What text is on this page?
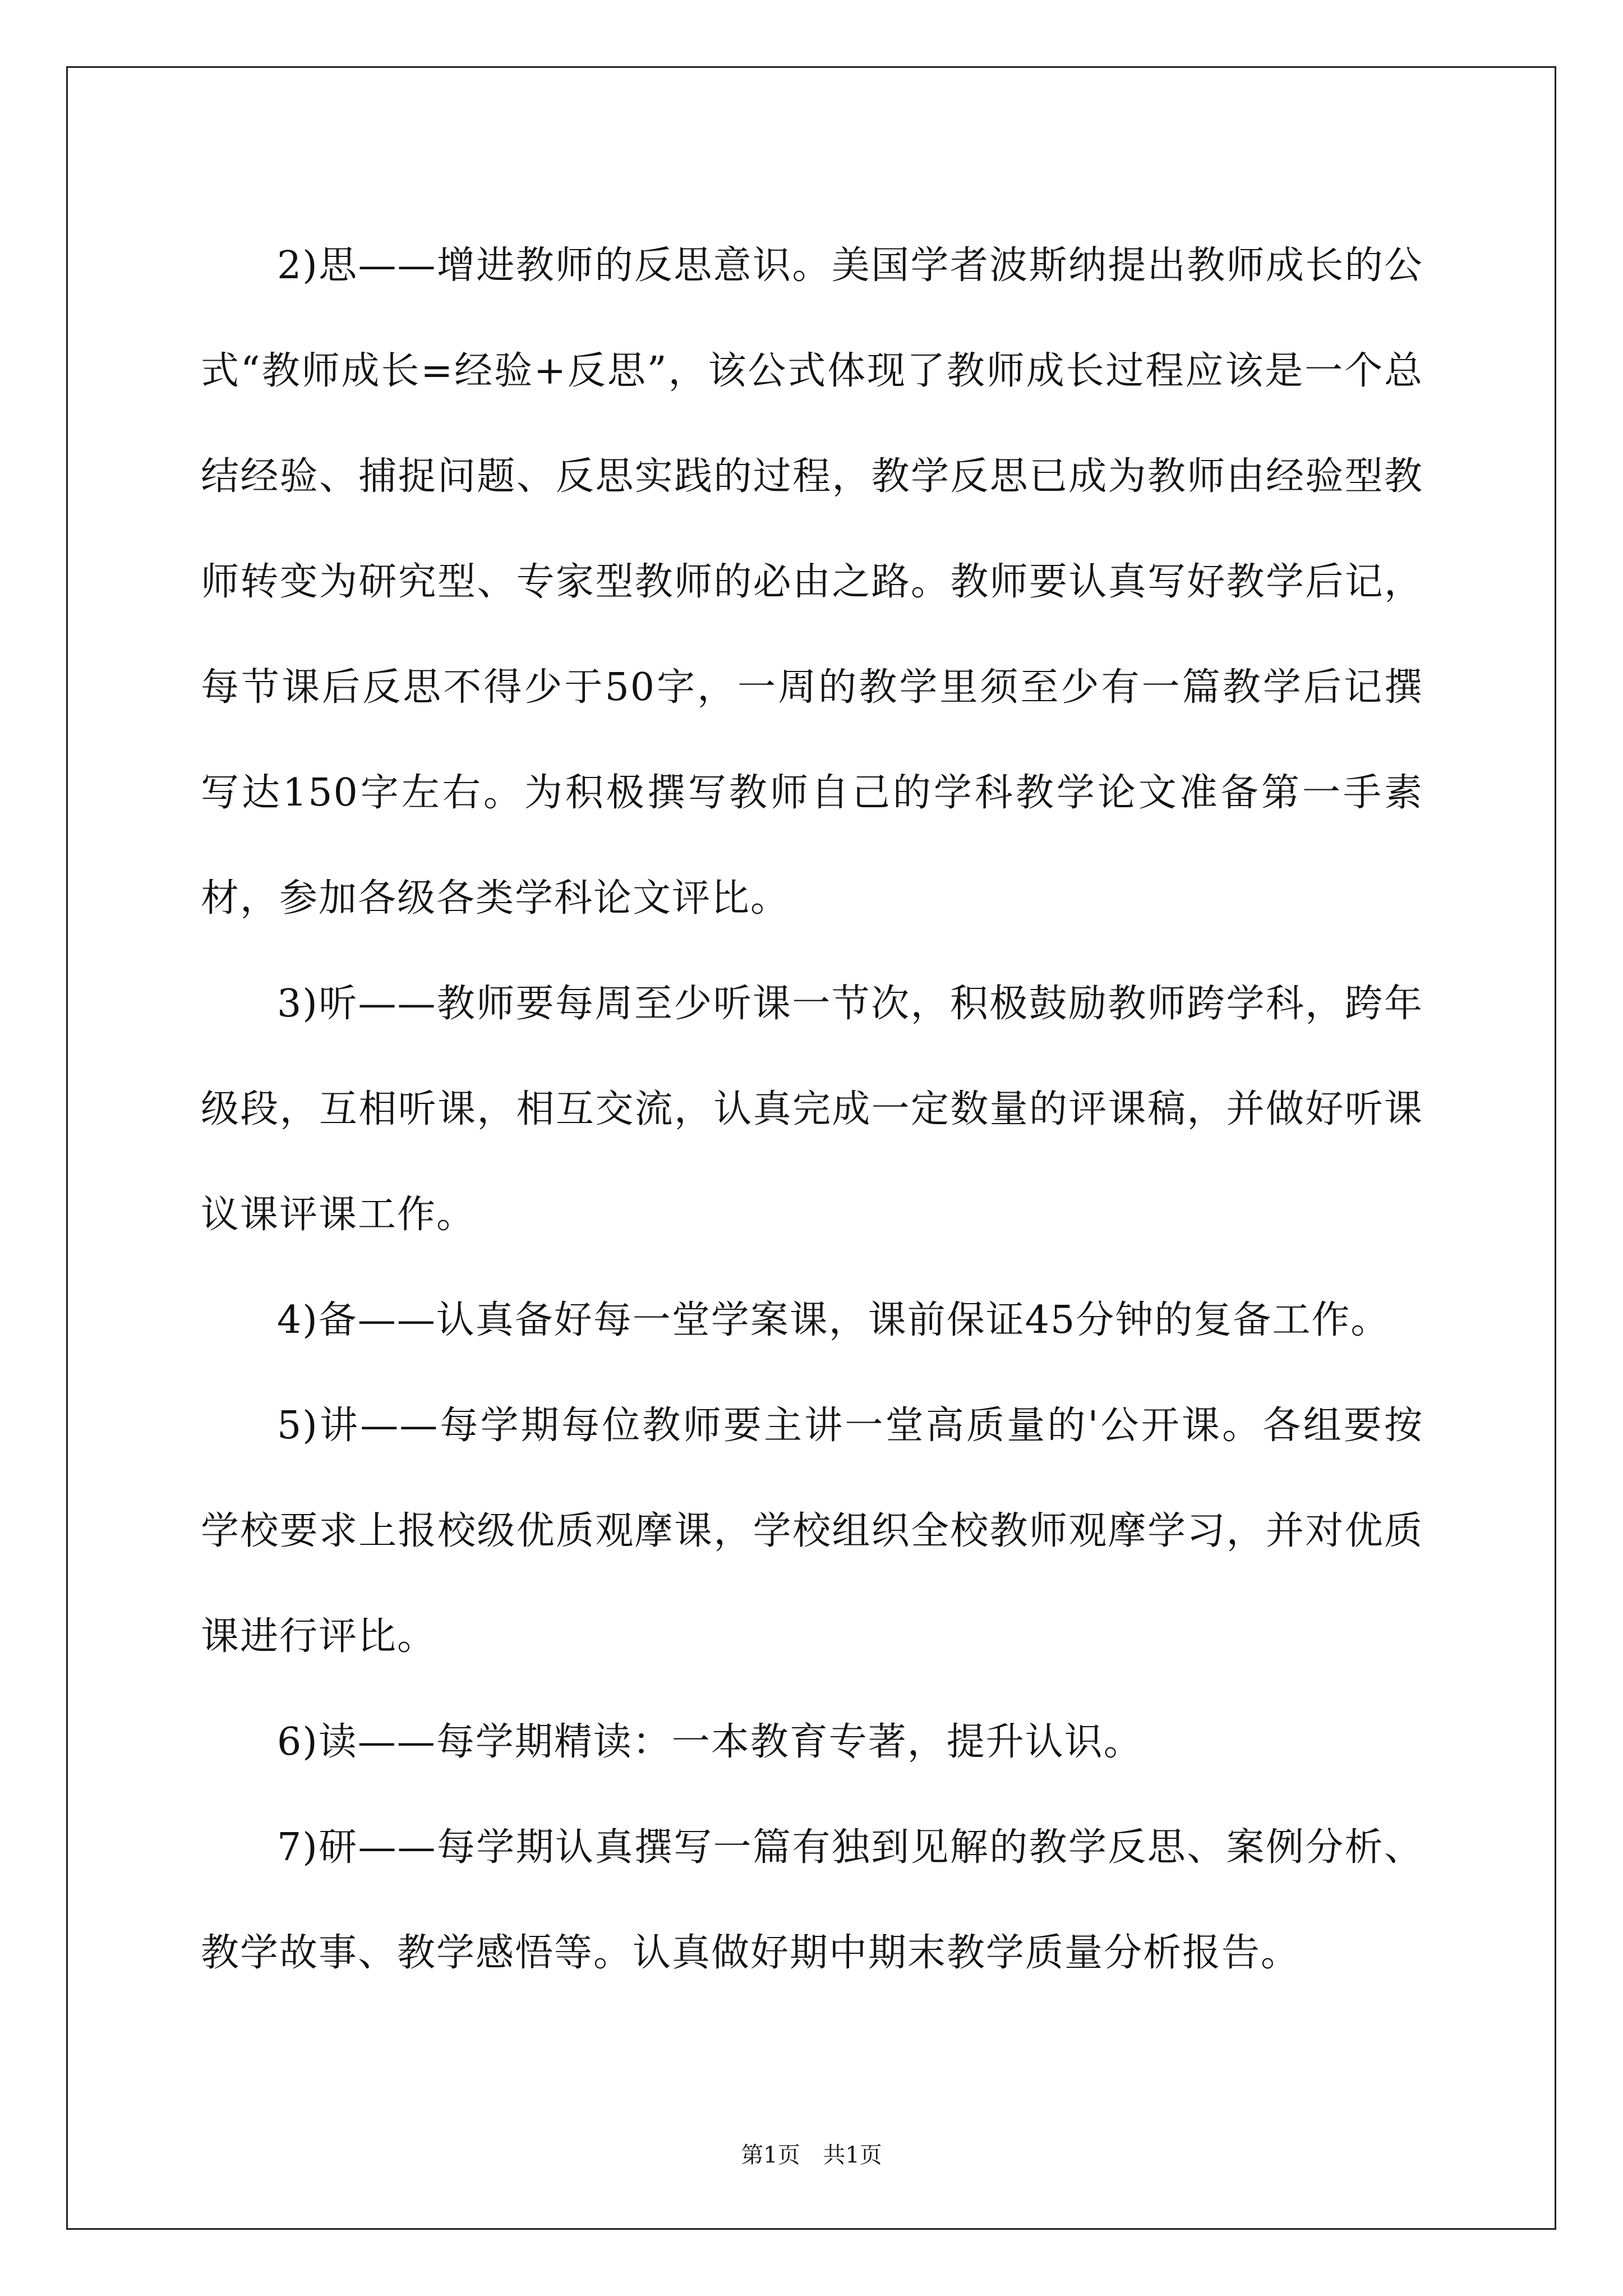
2)思——增进教师的反思意识。美国学者波斯纳提出教师成长的公式“教师成长=经验+反思”，该公式体现了教师成长过程应该是一个总结经验、捕捉问题、反思实践的过程，教学反思已成为教师由经验型教师转变为研究型、专家型教师的必由之路。教师要认真写好教学后记，每节课后反思不得少于50字，一周的教学里须至少有一篇教学后记撰写达150字左右。为积极撰写教师自己的学科教学论文准备第一手素材，参加各级各类学科论文评比。

3)听——教师要每周至少听课一节次，积极鼓励教师跨学科，跨年级段，互相听课，相互交流，认真完成一定数量的评课稿，并做好听课议课评课工作。

4)备——认真备好每一堂学案课，课前保证45分钟的复备工作。

5)讲——每学期每位教师要主讲一堂高质量的'公开课。各组要按学校要求上报校级优质观摩课，学校组织全校教师观摩学习，并对优质课进行评比。

6)读——每学期精读：一本教育专著，提升认识。

7)研——每学期认真撰写一篇有独到见解的教学反思、案例分析、教学故事、教学感悟等。认真做好期中期末教学质量分析报告。

第1页 共1页
